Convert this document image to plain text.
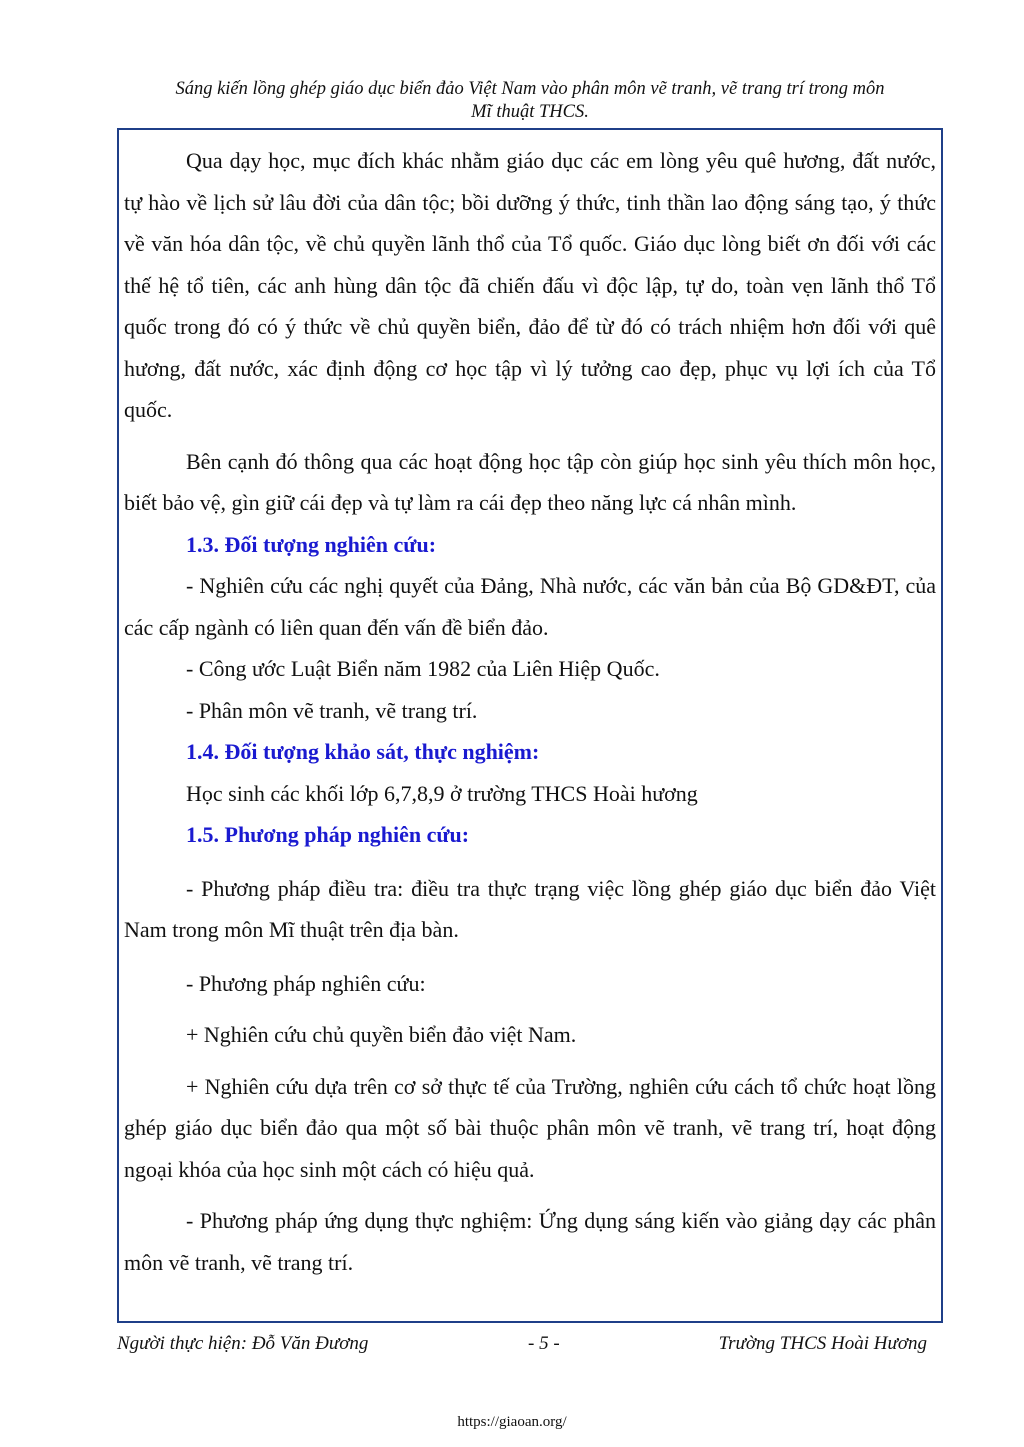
Sáng kiến lồng ghép giáo dục biển đảo Việt Nam vào phân môn vẽ tranh, vẽ trang trí trong môn
Mĩ thuật THCS.

Qua dạy học, mục đích khác nhằm giáo dục các em lòng yêu quê hương, đất nước, tự hào về lịch sử lâu đời của dân tộc; bồi dưỡng ý thức, tinh thần lao động sáng tạo, ý thức về văn hóa dân tộc, về chủ quyền lãnh thổ của Tổ quốc. Giáo dục lòng biết ơn đối với các thế hệ tổ tiên, các anh hùng dân tộc đã chiến đấu vì độc lập, tự do, toàn vẹn lãnh thổ Tổ quốc trong đó có ý thức về chủ quyền biển, đảo để từ đó có trách nhiệm hơn đối với quê hương, đất nước, xác định động cơ học tập vì lý tưởng cao đẹp, phục vụ lợi ích của Tổ quốc.

Bên cạnh đó thông qua các hoạt động học tập còn giúp học sinh yêu thích môn học, biết bảo vệ, gìn giữ cái đẹp và tự làm ra cái đẹp theo năng lực cá nhân mình.

1.3. Đối tượng nghiên cứu:

- Nghiên cứu các nghị quyết của Đảng, Nhà nước, các văn bản của Bộ GD&ĐT, của các cấp ngành có liên quan đến vấn đề biển đảo.

- Công ước Luật Biển năm 1982 của Liên Hiệp Quốc.

- Phân môn vẽ tranh, vẽ trang trí.

1.4. Đối tượng khảo sát, thực nghiệm:

Học sinh các khối lớp 6,7,8,9 ở trường THCS Hoài hương

1.5. Phương pháp nghiên cứu:

- Phương pháp điều tra: điều tra thực trạng việc lồng ghép giáo dục biển đảo Việt Nam trong môn Mĩ thuật trên địa bàn.

- Phương pháp nghiên cứu:

+ Nghiên cứu chủ quyền biển đảo việt Nam.

+ Nghiên cứu dựa trên cơ sở thực tế của Trường, nghiên cứu cách tổ chức hoạt lồng ghép giáo dục biển đảo qua một số bài thuộc phân môn vẽ tranh, vẽ trang trí, hoạt động ngoại khóa của học sinh một cách có hiệu quả.

- Phương pháp ứng dụng thực nghiệm: Ứng dụng sáng kiến vào giảng dạy các phân môn vẽ tranh, vẽ trang trí.

Người thực hiện: Đỗ Văn Đương	- 5 -	Trường THCS Hoài Hương
https://giaoan.org/
